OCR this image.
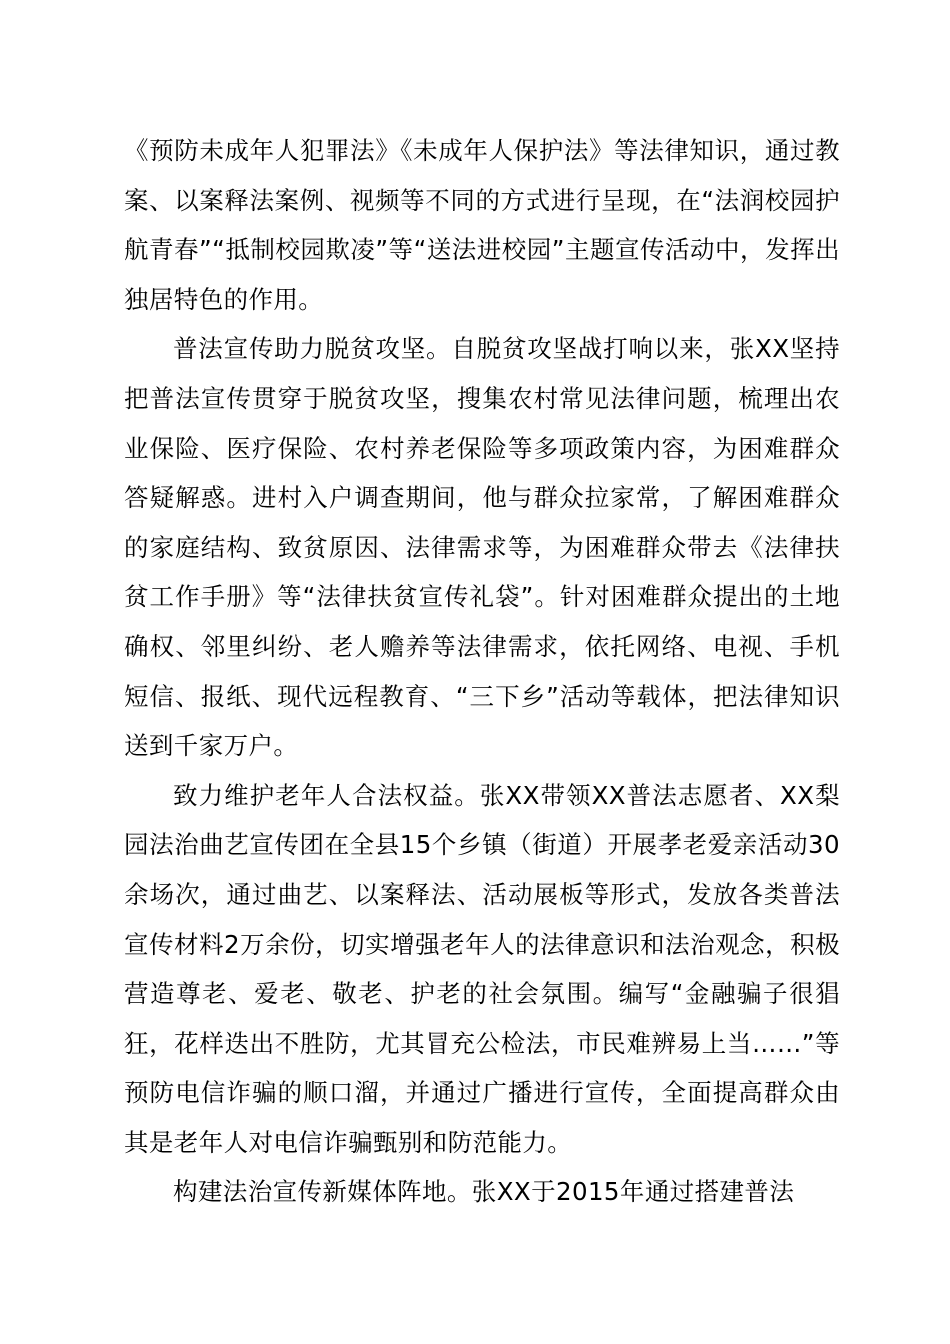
《预防未成年人犯罪法》《未成年人保护法》等法律知识，通过教案、以案释法案例、视频等不同的方式进行呈现，在“法润校园护航青春”“抵制校园欺凌”等“送法进校园”主题宣传活动中，发挥出独居特色的作用。

普法宣传助力脱贫攻坚。自脱贫攻坚战打响以来，张XX坚持把普法宣传贯穿于脱贫攻坚，搜集农村常见法律问题，梳理出农业保险、医疗保险、农村养老保险等多项政策内容，为困难群众答疑解惑。进村入户调查期间，他与群众拉家常，了解困难群众的家庭结构、致贫原因、法律需求等，为困难群众带去《法律扶贫工作手册》等“法律扶贫宣传礼袋”。针对困难群众提出的土地确权、邻里纠纷、老人赡养等法律需求，依托网络、电视、手机短信、报纸、现代远程教育、“三下乡”活动等载体，把法律知识送到千家万户。

致力维护老年人合法权益。张XX带领XX普法志愿者、XX梨园法治曲艺宣传团在全县15个乡镇（街道）开展孝老爱亲活动30余场次，通过曲艺、以案释法、活动展板等形式，发放各类普法宣传材料2万余份，切实增强老年人的法律意识和法治观念，积极营造尊老、爱老、敬老、护老的社会氛围。编写“金融骗子很猖狂，花样迭出不胜防，尤其冒充公检法，市民难辨易上当……”等预防电信诈骗的顺口溜，并通过广播进行宣传，全面提高群众由其是老年人对电信诈骗甄别和防范能力。

构建法治宣传新媒体阵地。张XX于2015年通过搭建普法
